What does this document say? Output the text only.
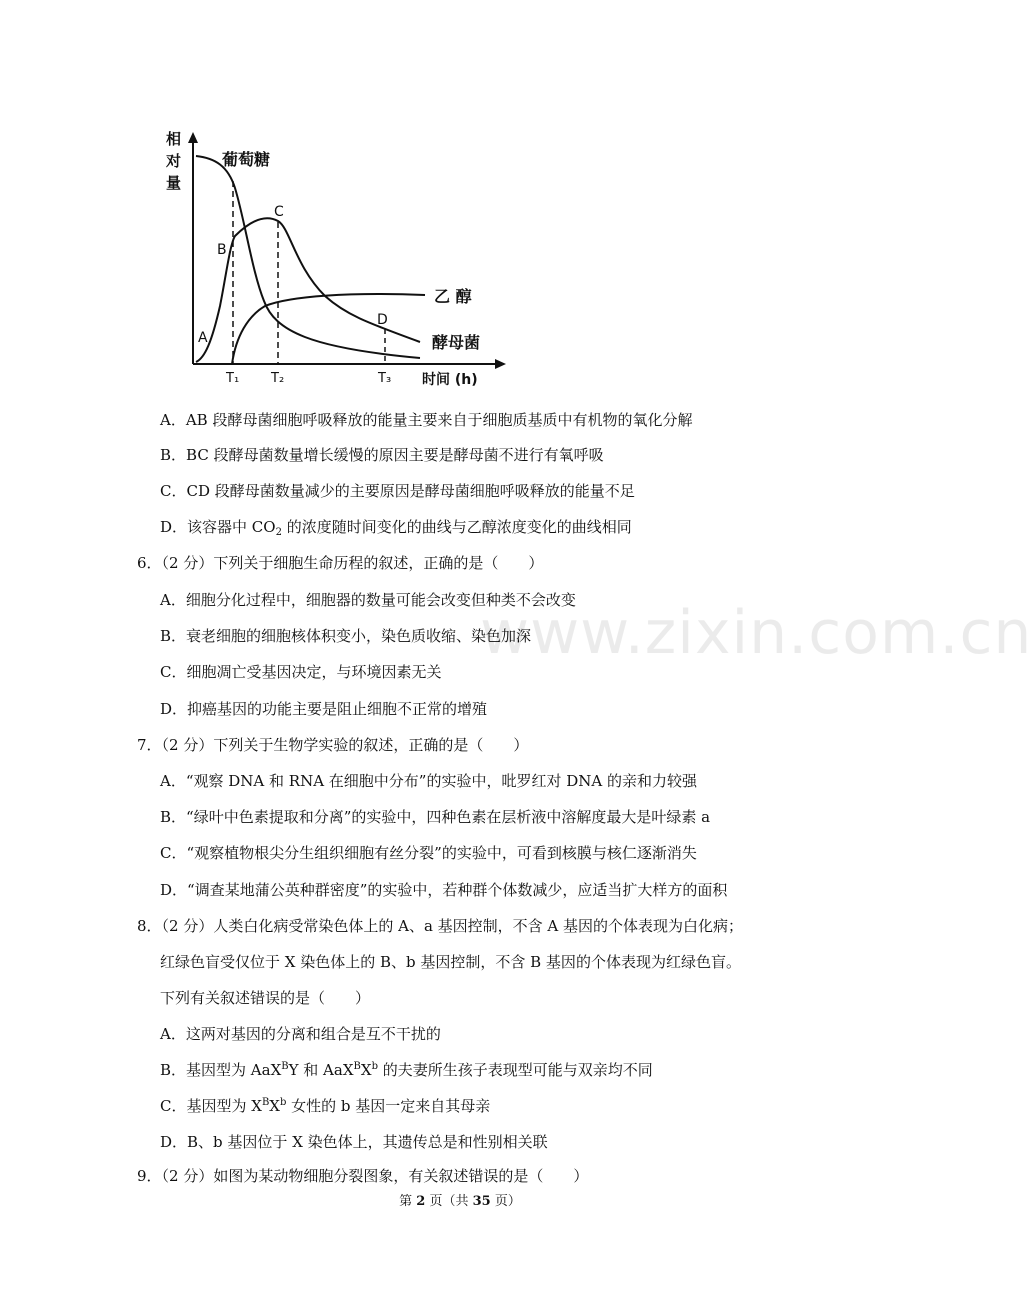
相
对
量
A
B
C
D
葡萄糖
乙 醇
酵母菌
T₁ T₂	T₃ 时间 (h)
A．AB 段酵母菌细胞呼吸释放的能量主要来自于细胞质基质中有机物的氧化分解
B．BC 段酵母菌数量增长缓慢的原因主要是酵母菌不进行有氧呼吸
C．CD 段酵母菌数量减少的主要原因是酵母菌细胞呼吸释放的能量不足
D．该容器中 $CO_2$ 的浓度随时间变化的曲线与乙醇浓度变化的曲线相同
6．（2 分）下列关于细胞生命历程的叙述，正确的是（　　）
A．细胞分化过程中，细胞器的数量可能会改变但种类不会改变
B．衰老细胞的细胞核体积变小，染色质收缩、染色加深
C．细胞凋亡受基因决定，与环境因素无关
D．抑癌基因的功能主要是阻止细胞不正常的增殖
www.zixin.com.cn
7．（2 分）下列关于生物学实验的叙述，正确的是（　　）
A．“观察 DNA 和 RNA 在细胞中分布”的实验中，吡罗红对 DNA 的亲和力较强
B．“绿叶中色素提取和分离”的实验中，四种色素在层析液中溶解度最大是叶绿素 a
C．“观察植物根尖分生组织细胞有丝分裂”的实验中，可看到核膜与核仁逐渐消失
D．“调查某地蒲公英种群密度”的实验中，若种群个体数减少，应适当扩大样方的面积
8．（2 分）人类白化病受常染色体上的 A、a 基因控制，不含 A 基因的个体表现为白化病；
红绿色盲受仅位于 X 染色体上的 B、b 基因控制，不含 B 基因的个体表现为红绿色盲。
下列有关叙述错误的是（　　）
A．这两对基因的分离和组合是互不干扰的
B．基因型为 AaX$^B$Y 和 $AaX^BX^b$ 的夫妻所生孩子表现型可能与双亲均不同
C．基因型为 $X^BX^b$ 女性的 b 基因一定来自其母亲
D．B、b 基因位于 X 染色体上，其遗传总是和性别相关联
9．（2 分）如图为某动物细胞分裂图象，有关叙述错误的是（　　）
第 2 页（共 35 页）
